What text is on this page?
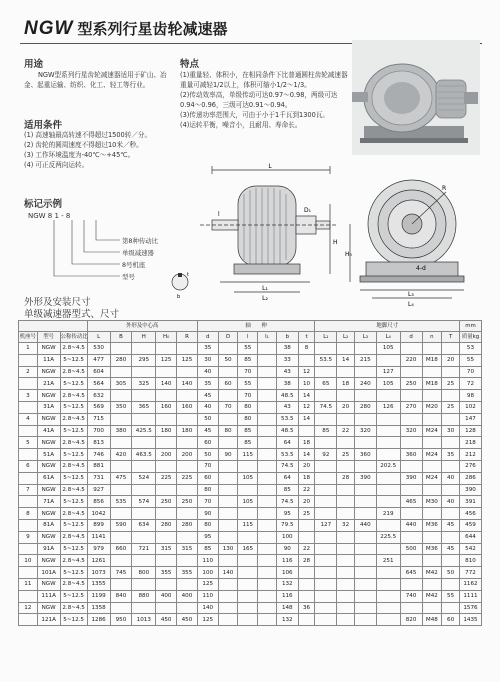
NGW 型系列行星齿轮减速器
用途
NGW型系列行星齿轮减速器适用于矿山、冶金、起重运输、纺织、化工、轻工等行业。
适用条件
(1) 高速轴最高转速不得超过1500转／分。
(2) 齿轮的圆周速度不得超过10米／秒。
(3) 工作环境温度为-40℃～+45℃。
(4) 可正反两向运转。
特点
(1)重量轻、体积小，在相同条件下比普通圆柱齿轮减速器重量可减轻1/2以上，体积可缩小1/2～1/3。
(2)传动效率高，单级传动可达0.97～0.98，两级可达0.94～0.96，三级可达0.91～0.94。
(3)传递功率范围大，可由于小于1千瓦到1300瓦。
(4)运转平衡，噪音小，且耐用、寿命长。
标记示例
NGW 8 1 - 8
第8种传动比
单级减速器
8号机座
型号
外形及安装尺寸
单级减速器型式、尺寸
L
L₁
L₂
H
D₁
l
t
b
R
4-d
L₃
L₄
H₀
			外形及中心高					轴　　伸						地脚尺寸							mm
机座号	型号	公称传动比	L	B	H	H₀	R	d	D	l	l₁	b	t	L₁	L₂	L₃	L₄	d	n	T	质量kg
1	NGW	2.8~4.5	530					35		55		38	8				105				53
	11A	5~12.5	477	280	295	125	125	30	50	85		33		53.5	14	215		220	M18	20	55
2	NGW	2.8~4.5	604					40		70		43	12				127				70
	21A	5~12.5	564	305	325	140	140	35	60	55		38	10	65	18	240	105	250	M18	25	72
3	NGW	2.8~4.5	632					45		70		48.5	14								98
	31A	5~12.5	569	350	365	160	160	40	70	80		43	12	74.5	20	280	126	270	M20	25	102
4	NGW	2.8~4.5	715					50		80		53.5	14								147
	41A	5~12.5	700	380	425.5	180	180	45	80	85		48.5		85	22	320		320	M24	30	128
5	NGW	2.8~4.5	813					60		85		64	18								218
	51A	5~12.5	746	420	463.5	200	200	50	90	115		53.5	14	92	25	360		360	M24	35	212
6	NGW	2.8~4.5	881					70				74.5	20				202.5				276
	61A	5~12.5	731	475	524	225	225	60		105		64	18		28	390		390	M24	40	286
7	NGW	2.8~4.5	927					80				85	22								390
	71A	5~12.5	856	535	574	250	250	70		105		74.5	20					465	M30	40	391
8	NGW	2.8~4.5	1042					90				95	25				219				456
	81A	5~12.5	899	590	634	280	280	80		115		79.5		127	32	440		440	M36	45	459
9	NGW	2.8~4.5	1141					95				100					225.5				644
	91A	5~12.5	979	660	721	315	315	85	130	165		90	22					500	M36	45	542
10	NGW	2.8~4.5	1261					110				116	28				251				810
	101A	5~12.5	1073	745	800	355	355	100	140			106						645	M42	50	772
11	NGW	2.8~4.5	1355					125				132									1162
	111A	5~12.5	1199	840	880	400	400	110				116						740	M42	55	1111
12	NGW	2.8~4.5	1358					140				148	36								1576
	121A	5~12.5	1286	950	1013	450	450	125				132						820	M48	60	1435
